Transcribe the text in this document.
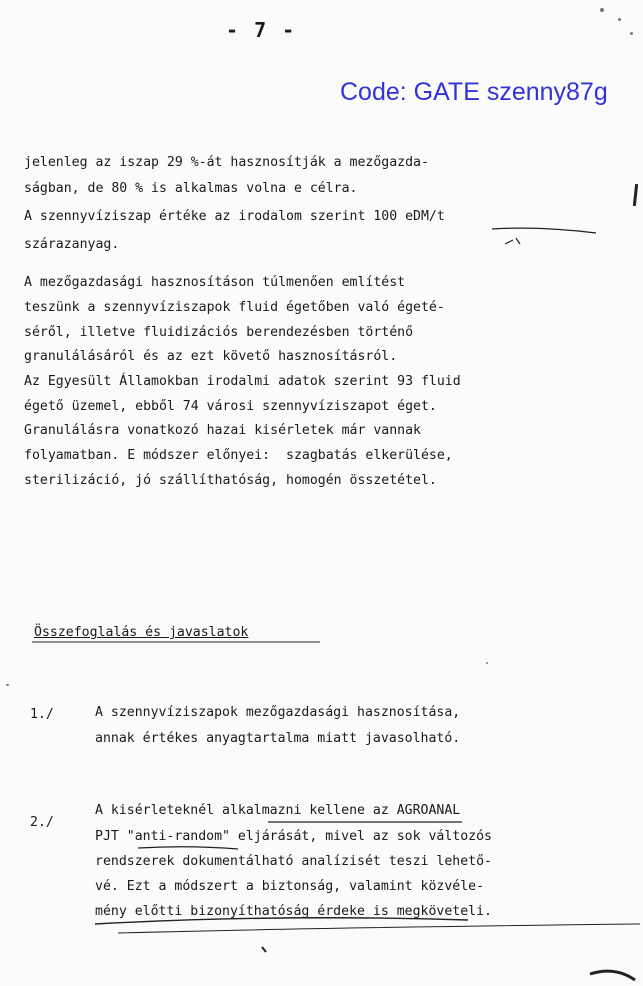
- 7 -
Code: GATE szenny87g
jelenleg az iszap 29 %-át hasznosítják a mezőgazda-
ságban, de 80 % is alkalmas volna e célra.
A szennyvíziszap értéke az irodalom szerint 100 eDM/t
szárazanyag.
A mezőgazdasági hasznosításon túlmenően említést
teszünk a szennyvíziszapok fluid égetőben való égeté-
séről, illetve fluidizációs berendezésben történő
granulálásáról és az ezt követő hasznosításról.
Az Egyesült Államokban irodalmi adatok szerint 93 fluid
égető üzemel, ebből 74 városi szennyvíziszapot éget.
Granulálásra vonatkozó hazai kisérletek már vannak
folyamatban. E módszer előnyei:  szagbatás elkerülése,
sterilizáció, jó szállíthatóság, homogén összetétel.
Összefoglalás és javaslatok
1./	A szennyvíziszapok mezőgazdasági hasznosítása,
annak értékes anyagtartalma miatt javasolható.
2./
A kisérleteknél alkalmazni kellene az AGROANAL
PJT "anti-random" eljárását, mivel az sok változós
rendszerek dokumentálható analízisét teszi lehető-
vé. Ezt a módszert a biztonság, valamint közvéle-
mény előtti bizonyíthatóság érdeke is megköveteli.
